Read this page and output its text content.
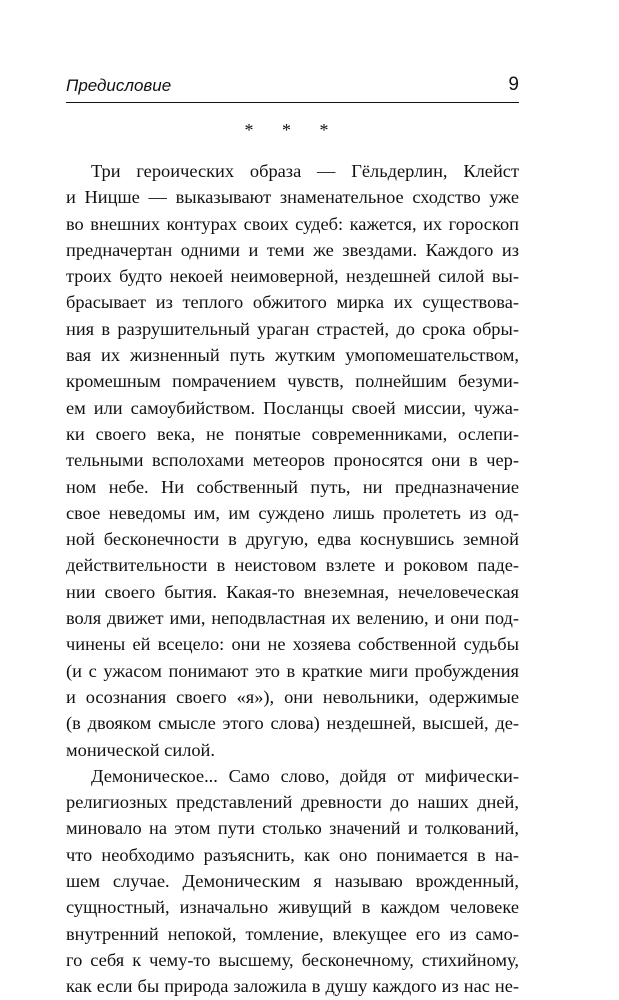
Предисловие	9
* * *
Три героических образа — Гёльдерлин, Клейст
и Ницше — выказывают знаменательное сходство уже
во внешних контурах своих судеб: кажется, их гороскоп
предначертан одними и теми же звездами. Каждого из
троих будто некоей неимоверной, нездешней силой вы-
брасывает из теплого обжитого мирка их существова-
ния в разрушительный ураган страстей, до срока обры-
вая их жизненный путь жутким умопомешательством,
кромешным помрачением чувств, полнейшим безуми-
ем или самоубийством. Посланцы своей миссии, чужа-
ки своего века, не понятые современниками, ослепи-
тельными всполохами метеоров проносятся они в чер-
ном небе. Ни собственный путь, ни предназначение
свое неведомы им, им суждено лишь пролететь из од-
ной бесконечности в другую, едва коснувшись земной
действительности в неистовом взлете и роковом паде-
нии своего бытия. Какая-то внеземная, нечеловеческая
воля движет ими, неподвластная их велению, и они под-
чинены ей всецело: они не хозяева собственной судьбы
(и с ужасом понимают это в краткие миги пробуждения
и осознания своего «я»), они невольники, одержимые
(в двояком смысле этого слова) нездешней, высшей, де-
монической силой.
Демоническое... Само слово, дойдя от мифически-
религиозных представлений древности до наших дней,
миновало на этом пути столько значений и толкований,
что необходимо разъяснить, как оно понимается в на-
шем случае. Демоническим я называю врожденный,
сущностный, изначально живущий в каждом человеке
внутренний непокой, томление, влекущее его из само-
го себя к чему-то высшему, бесконечному, стихийному,
как если бы природа заложила в душу каждого из нас не-
